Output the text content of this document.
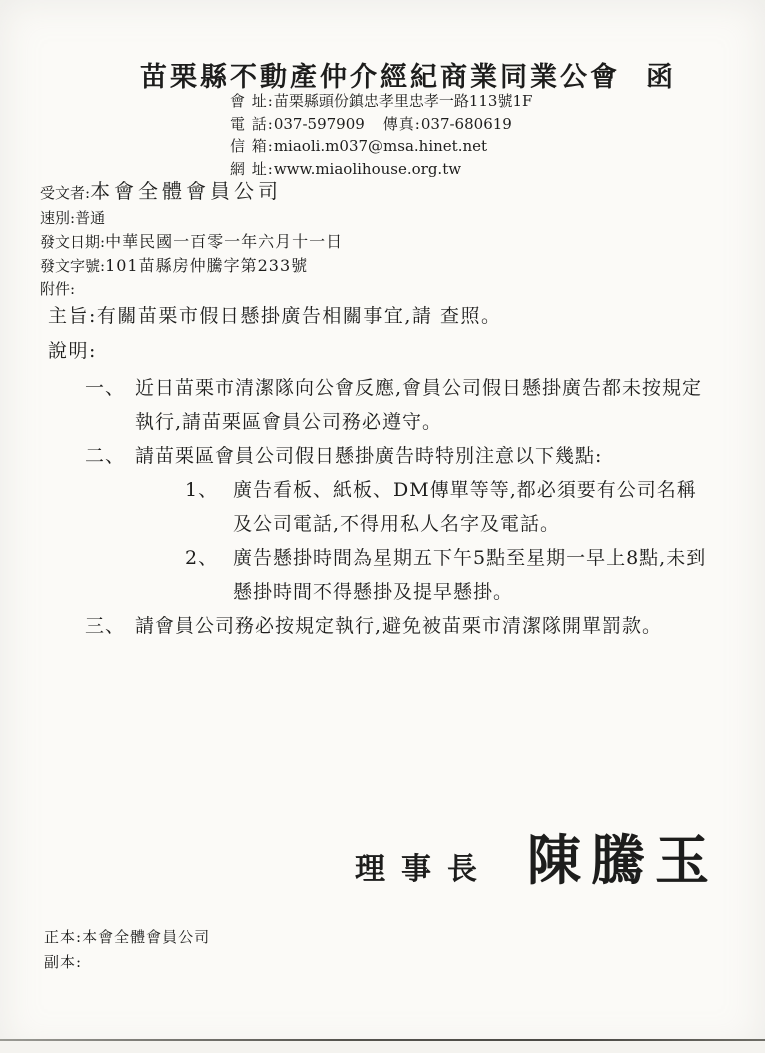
苗栗縣不動產仲介經紀商業同業公會 函
會 址:苗栗縣頭份鎮忠孝里忠孝一路113號1F
電 話:037-597909 傳真:037-680619
信 箱:miaoli.m037@msa.hinet.net
網 址:www.miaolihouse.org.tw
受文者:本會全體會員公司
速別:普通
發文日期:中華民國一百零一年六月十一日
發文字號:101苗縣房仲騰字第233號
附件:
主旨:有關苗栗市假日懸掛廣告相關事宜,請 查照。
說明:
一、 近日苗栗市清潔隊向公會反應,會員公司假日懸掛廣告都未按規定執行,請苗栗區會員公司務必遵守。
二、 請苗栗區會員公司假日懸掛廣告時特別注意以下幾點:
1、 廣告看板、紙板、DM傳單等等,都必須要有公司名稱及公司電話,不得用私人名字及電話。
2、 廣告懸掛時間為星期五下午5點至星期一早上8點,未到懸掛時間不得懸掛及提早懸掛。
三、 請會員公司務必按規定執行,避免被苗栗市清潔隊開單罰款。
理事長 陳騰玉
正本:本會全體會員公司
副本:
